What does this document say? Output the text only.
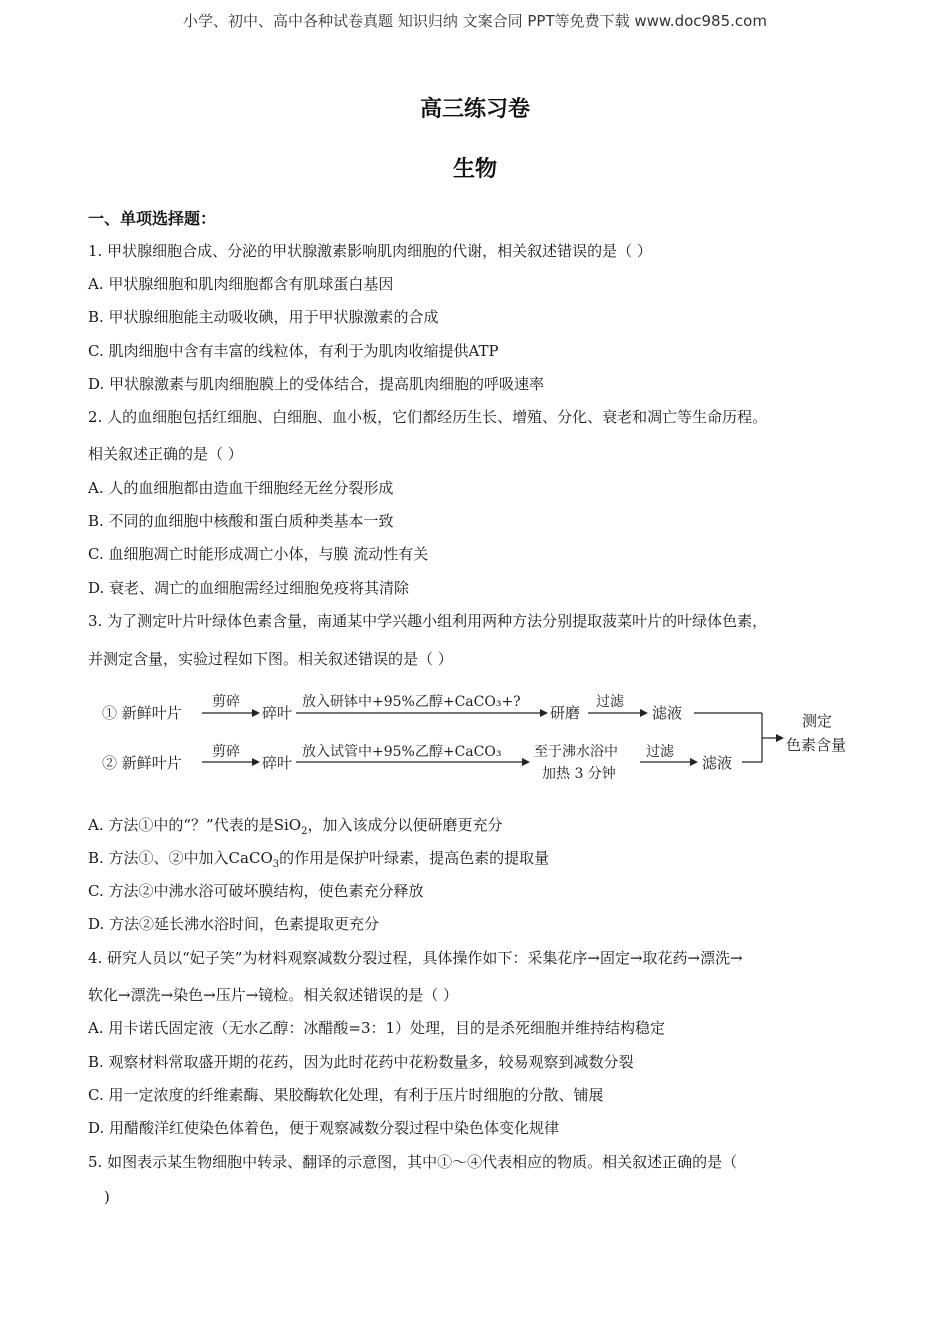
小学、初中、高中各种试卷真题 知识归纳 文案合同 PPT等免费下载 www.doc985.com
高三练习卷
生物
一、单项选择题：
1. 甲状腺细胞合成、分泌的甲状腺激素影响肌肉细胞的代谢，相关叙述错误的是（ ）
A. 甲状腺细胞和肌肉细胞都含有肌球蛋白基因
B. 甲状腺细胞能主动吸收碘，用于甲状腺激素的合成
C. 肌肉细胞中含有丰富的线粒体，有利于为肌肉收缩提供ATP
D. 甲状腺激素与肌肉细胞膜上的受体结合，提高肌肉细胞的呼吸速率
2. 人的血细胞包括红细胞、白细胞、血小板，它们都经历生长、增殖、分化、衰老和凋亡等生命历程。
相关叙述正确的是（ ）
A. 人的血细胞都由造血干细胞经无丝分裂形成
B. 不同的血细胞中核酸和蛋白质种类基本一致
C. 血细胞凋亡时能形成凋亡小体，与膜 流动性有关
D. 衰老、凋亡的血细胞需经过细胞免疫将其清除
3. 为了测定叶片叶绿体色素含量，南通某中学兴趣小组利用两种方法分别提取菠菜叶片的叶绿体色素，
并测定含量，实验过程如下图。相关叙述错误的是（ ）
① 新鲜叶片
剪碎
碎叶
放入研钵中+95%乙醇+CaCO₃+?
研磨
过滤
滤液
② 新鲜叶片
剪碎
碎叶
放入试管中+95%乙醇+CaCO₃ 至于沸水浴中
加热 3 分钟
过滤
滤液
测定
色素含量
A. 方法①中的“？”代表的是SiO$_2$，加入该成分以便研磨更充分
B. 方法①、②中加入CaCO$_3$的作用是保护叶绿素，提高色素的提取量
C. 方法②中沸水浴可破坏膜结构，使色素充分释放
D. 方法②延长沸水浴时间，色素提取更充分
4. 研究人员以“妃子笑”为材料观察减数分裂过程，具体操作如下：采集花序→固定→取花药→漂洗→
软化→漂洗→染色→压片→镜检。相关叙述错误的是（ ）
A. 用卡诺氏固定液（无水乙醇：冰醋酸=3：1）处理，目的是杀死细胞并维持结构稳定
B. 观察材料常取盛开期的花药，因为此时花药中花粉数量多，较易观察到减数分裂
C. 用一定浓度的纤维素酶、果胶酶软化处理，有利于压片时细胞的分散、铺展
D. 用醋酸洋红使染色体着色，便于观察减数分裂过程中染色体变化规律
5. 如图表示某生物细胞中转录、翻译的示意图，其中①～④代表相应的物质。相关叙述正确的是（
)
